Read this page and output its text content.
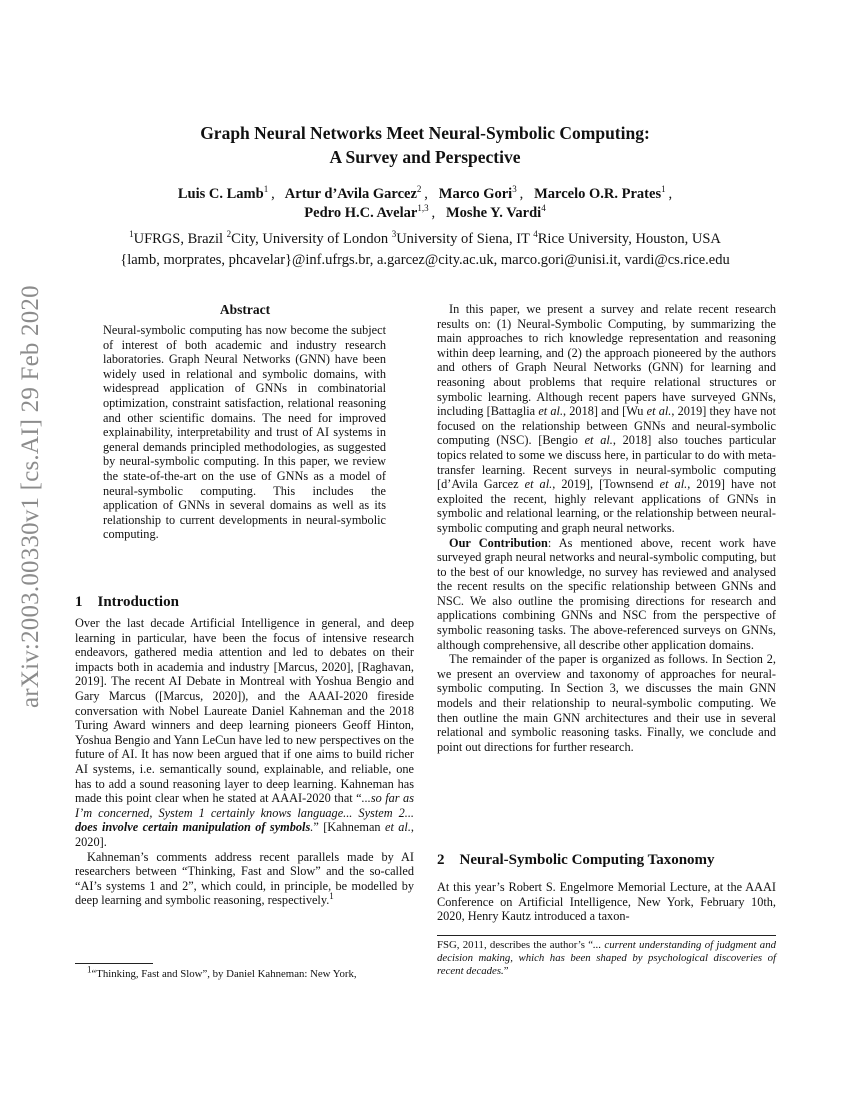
Graph Neural Networks Meet Neural-Symbolic Computing:
A Survey and Perspective
Luis C. Lamb$^1$ ,   Artur d’Avila Garcez$^2$ ,   Marco Gori$^3$ ,   Marcelo O.R. Prates$^1$ ,
Pedro H.C. Avelar$^{1,3}$ ,   Moshe Y. Vardi$^4$
$^1$UFRGS, Brazil $^2$City, University of London $^3$University of Siena, IT $^4$Rice University, Houston, USA
{lamb, morprates, phcavelar}@inf.ufrgs.br, a.garcez@city.ac.uk, marco.gori@unisi.it, vardi@cs.rice.edu
arXiv:2003.00330v1 [cs.AI] 29 Feb 2020	Abstract

Neural-symbolic computing has now become the subject of interest of both academic and industry research laboratories. Graph Neural Networks (GNN) have been widely used in relational and symbolic domains, with widespread application of GNNs in combinatorial optimization, constraint satisfaction, relational reasoning and other scientific domains. The need for improved explainability, interpretability and trust of AI systems in general demands principled methodologies, as suggested by neural-symbolic computing. In this paper, we review the state-of-the-art on the use of GNNs as a model of neural-symbolic computing. This includes the application of GNNs in several domains as well as its relationship to current developments in neural-symbolic computing.

1 Introduction

Over the last decade Artificial Intelligence in general, and deep learning in particular, have been the focus of intensive research endeavors, gathered media attention and led to debates on their impacts both in academia and industry [Marcus, 2020], [Raghavan, 2019]. The recent AI Debate in Montreal with Yoshua Bengio and Gary Marcus ([Marcus, 2020]), and the AAAI-2020 fireside conversation with Nobel Laureate Daniel Kahneman and the 2018 Turing Award winners and deep learning pioneers Geoff Hinton, Yoshua Bengio and Yann LeCun have led to new perspectives on the future of AI. It has now been argued that if one aims to build richer AI systems, i.e. semantically sound, explainable, and reliable, one has to add a sound reasoning layer to deep learning. Kahneman has made this point clear when he stated at AAAI-2020 that “...so far as I’m concerned, System 1 certainly knows language... System 2... does involve certain manipulation of symbols.” [Kahneman et al., 2020].

Kahneman’s comments address recent parallels made by AI researchers between “Thinking, Fast and Slow” and the so-called “AI’s systems 1 and 2”, which could, in principle, be modelled by deep learning and symbolic reasoning, respectively.$^1$

$^1$“Thinking, Fast and Slow”, by Daniel Kahneman: New York,

In this paper, we present a survey and relate recent research results on: (1) Neural-Symbolic Computing, by summarizing the main approaches to rich knowledge representation and reasoning within deep learning, and (2) the approach pioneered by the authors and others of Graph Neural Networks (GNN) for learning and reasoning about problems that require relational structures or symbolic learning. Although recent papers have surveyed GNNs, including [Battaglia et al., 2018] and [Wu et al., 2019] they have not focused on the relationship between GNNs and neural-symbolic computing (NSC). [Bengio et al., 2018] also touches particular topics related to some we discuss here, in particular to do with meta-transfer learning. Recent surveys in neural-symbolic computing [d’Avila Garcez et al., 2019], [Townsend et al., 2019] have not exploited the recent, highly relevant applications of GNNs in symbolic and relational learning, or the relationship between neural-symbolic computing and graph neural networks.

Our Contribution: As mentioned above, recent work have surveyed graph neural networks and neural-symbolic computing, but to the best of our knowledge, no survey has reviewed and analysed the recent results on the specific relationship between GNNs and NSC. We also outline the promising directions for research and applications combining GNNs and NSC from the perspective of symbolic reasoning tasks. The above-referenced surveys on GNNs, although comprehensive, all describe other application domains.

The remainder of the paper is organized as follows. In Section 2, we present an overview and taxonomy of approaches for neural-symbolic computing. In Section 3, we discusses the main GNN models and their relationship to neural-symbolic computing. We then outline the main GNN architectures and their use in several relational and symbolic reasoning tasks. Finally, we conclude and point out directions for further research.

2 Neural-Symbolic Computing Taxonomy

At this year’s Robert S. Engelmore Memorial Lecture, at the AAAI Conference on Artificial Intelligence, New York, February 10th, 2020, Henry Kautz introduced a taxon-

FSG, 2011, describes the author’s “... current understanding of judgment and decision making, which has been shaped by psychological discoveries of recent decades.”
